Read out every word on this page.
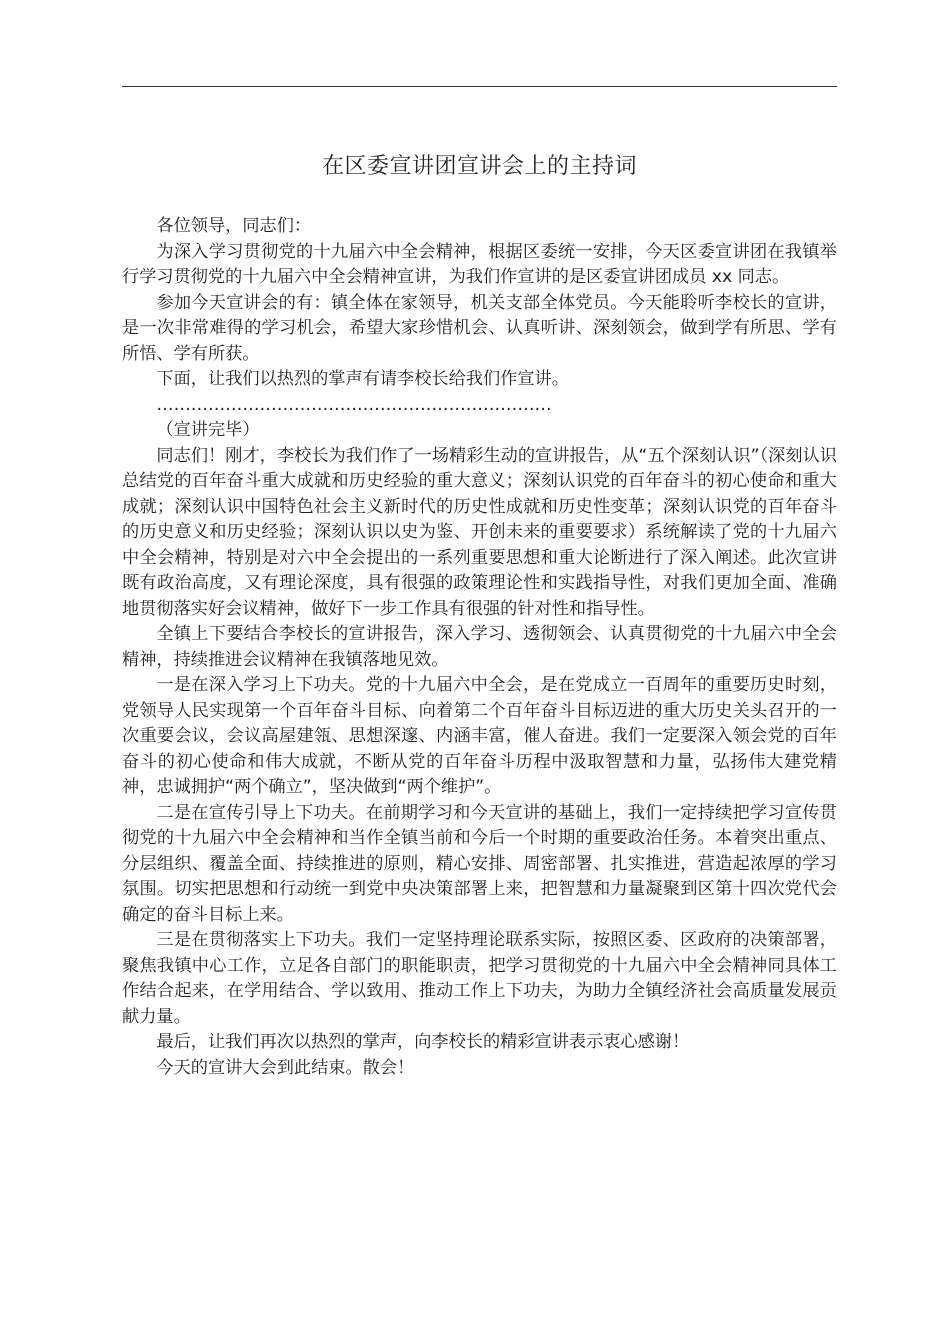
在区委宣讲团宣讲会上的主持词

各位领导，同志们：

为深入学习贯彻党的十九届六中全会精神，根据区委统一安排，今天区委宣讲团在我镇举行学习贯彻党的十九届六中全会精神宣讲，为我们作宣讲的是区委宣讲团成员 xx 同志。

参加今天宣讲会的有：镇全体在家领导，机关支部全体党员。今天能聆听李校长的宣讲，是一次非常难得的学习机会，希望大家珍惜机会、认真听讲、深刻领会，做到学有所思、学有所悟、学有所获。

下面，让我们以热烈的掌声有请李校长给我们作宣讲。

……………………………………………………………

（宣讲完毕）

同志们！刚才，李校长为我们作了一场精彩生动的宣讲报告，从“五个深刻认识”（深刻认识总结党的百年奋斗重大成就和历史经验的重大意义；深刻认识党的百年奋斗的初心使命和重大成就；深刻认识中国特色社会主义新时代的历史性成就和历史性变革；深刻认识党的百年奋斗的历史意义和历史经验；深刻认识以史为鉴、开创未来的重要要求）系统解读了党的十九届六中全会精神，特别是对六中全会提出的一系列重要思想和重大论断进行了深入阐述。此次宣讲既有政治高度，又有理论深度，具有很强的政策理论性和实践指导性，对我们更加全面、准确地贯彻落实好会议精神，做好下一步工作具有很强的针对性和指导性。

全镇上下要结合李校长的宣讲报告，深入学习、透彻领会、认真贯彻党的十九届六中全会精神，持续推进会议精神在我镇落地见效。

一是在深入学习上下功夫。党的十九届六中全会，是在党成立一百周年的重要历史时刻，党领导人民实现第一个百年奋斗目标、向着第二个百年奋斗目标迈进的重大历史关头召开的一次重要会议，会议高屋建瓴、思想深邃、内涵丰富，催人奋进。我们一定要深入领会党的百年奋斗的初心使命和伟大成就，不断从党的百年奋斗历程中汲取智慧和力量，弘扬伟大建党精神，忠诚拥护“两个确立”，坚决做到“两个维护”。

二是在宣传引导上下功夫。在前期学习和今天宣讲的基础上，我们一定持续把学习宣传贯彻党的十九届六中全会精神和当作全镇当前和今后一个时期的重要政治任务。本着突出重点、分层组织、覆盖全面、持续推进的原则，精心安排、周密部署、扎实推进，营造起浓厚的学习氛围。切实把思想和行动统一到党中央决策部署上来，把智慧和力量凝聚到区第十四次党代会确定的奋斗目标上来。

三是在贯彻落实上下功夫。我们一定坚持理论联系实际，按照区委、区政府的决策部署，聚焦我镇中心工作，立足各自部门的职能职责，把学习贯彻党的十九届六中全会精神同具体工作结合起来，在学用结合、学以致用、推动工作上下功夫，为助力全镇经济社会高质量发展贡献力量。

最后，让我们再次以热烈的掌声，向李校长的精彩宣讲表示衷心感谢！

今天的宣讲大会到此结束。散会！
